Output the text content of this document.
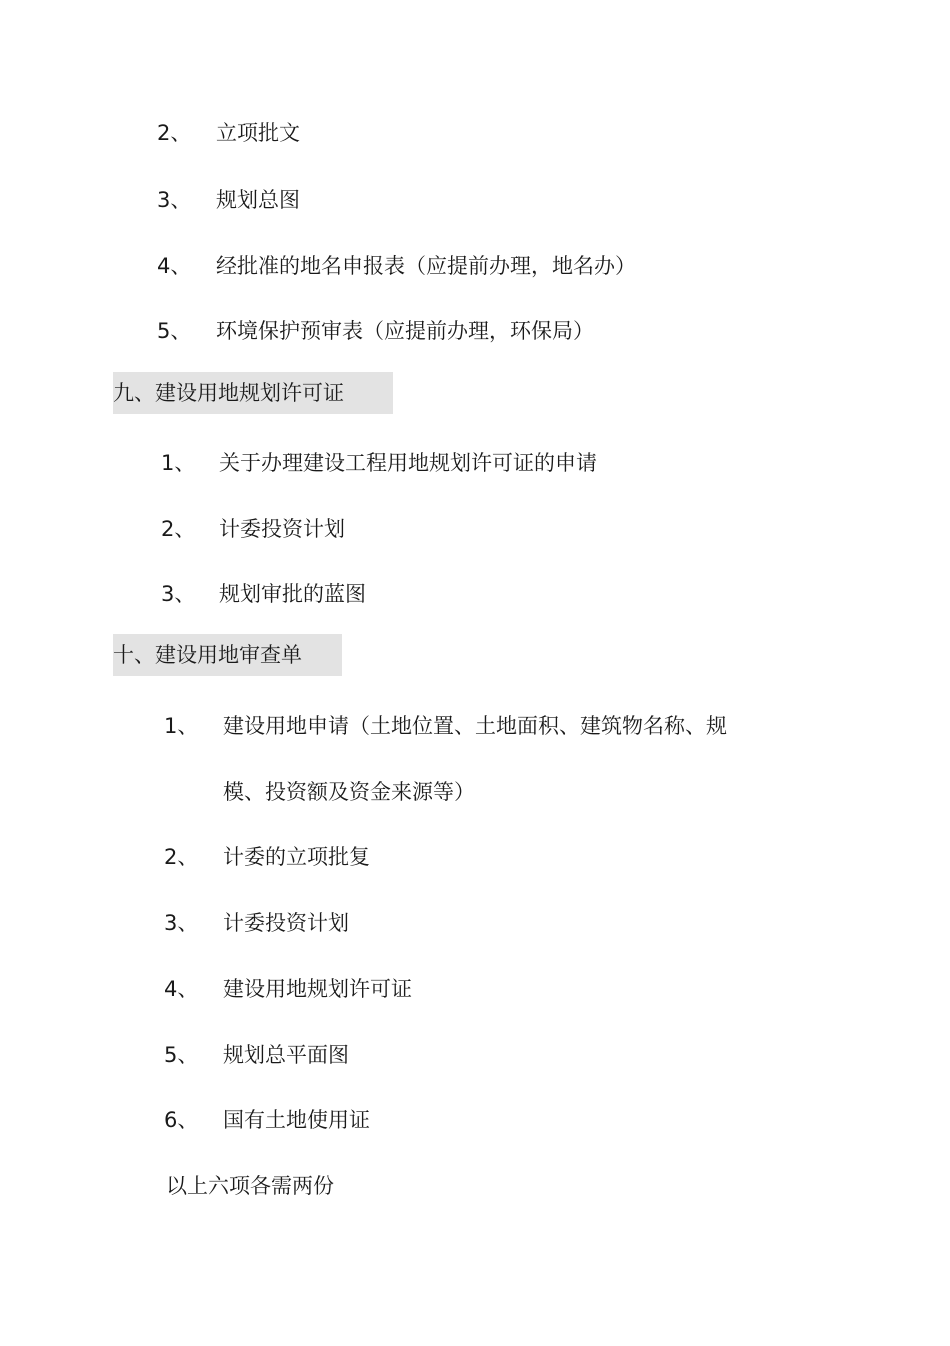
2、 立项批文
3、 规划总图
4、 经批准的地名申报表（应提前办理，地名办）
5、 环境保护预审表（应提前办理，环保局）
九、建设用地规划许可证
1、 关于办理建设工程用地规划许可证的申请
2、 计委投资计划
3、 规划审批的蓝图
十、建设用地审查单
1、 建设用地申请（土地位置、土地面积、建筑物名称、规
模、投资额及资金来源等）
2、 计委的立项批复
3、 计委投资计划
4、 建设用地规划许可证
5、 规划总平面图
6、 国有土地使用证
以上六项各需两份
